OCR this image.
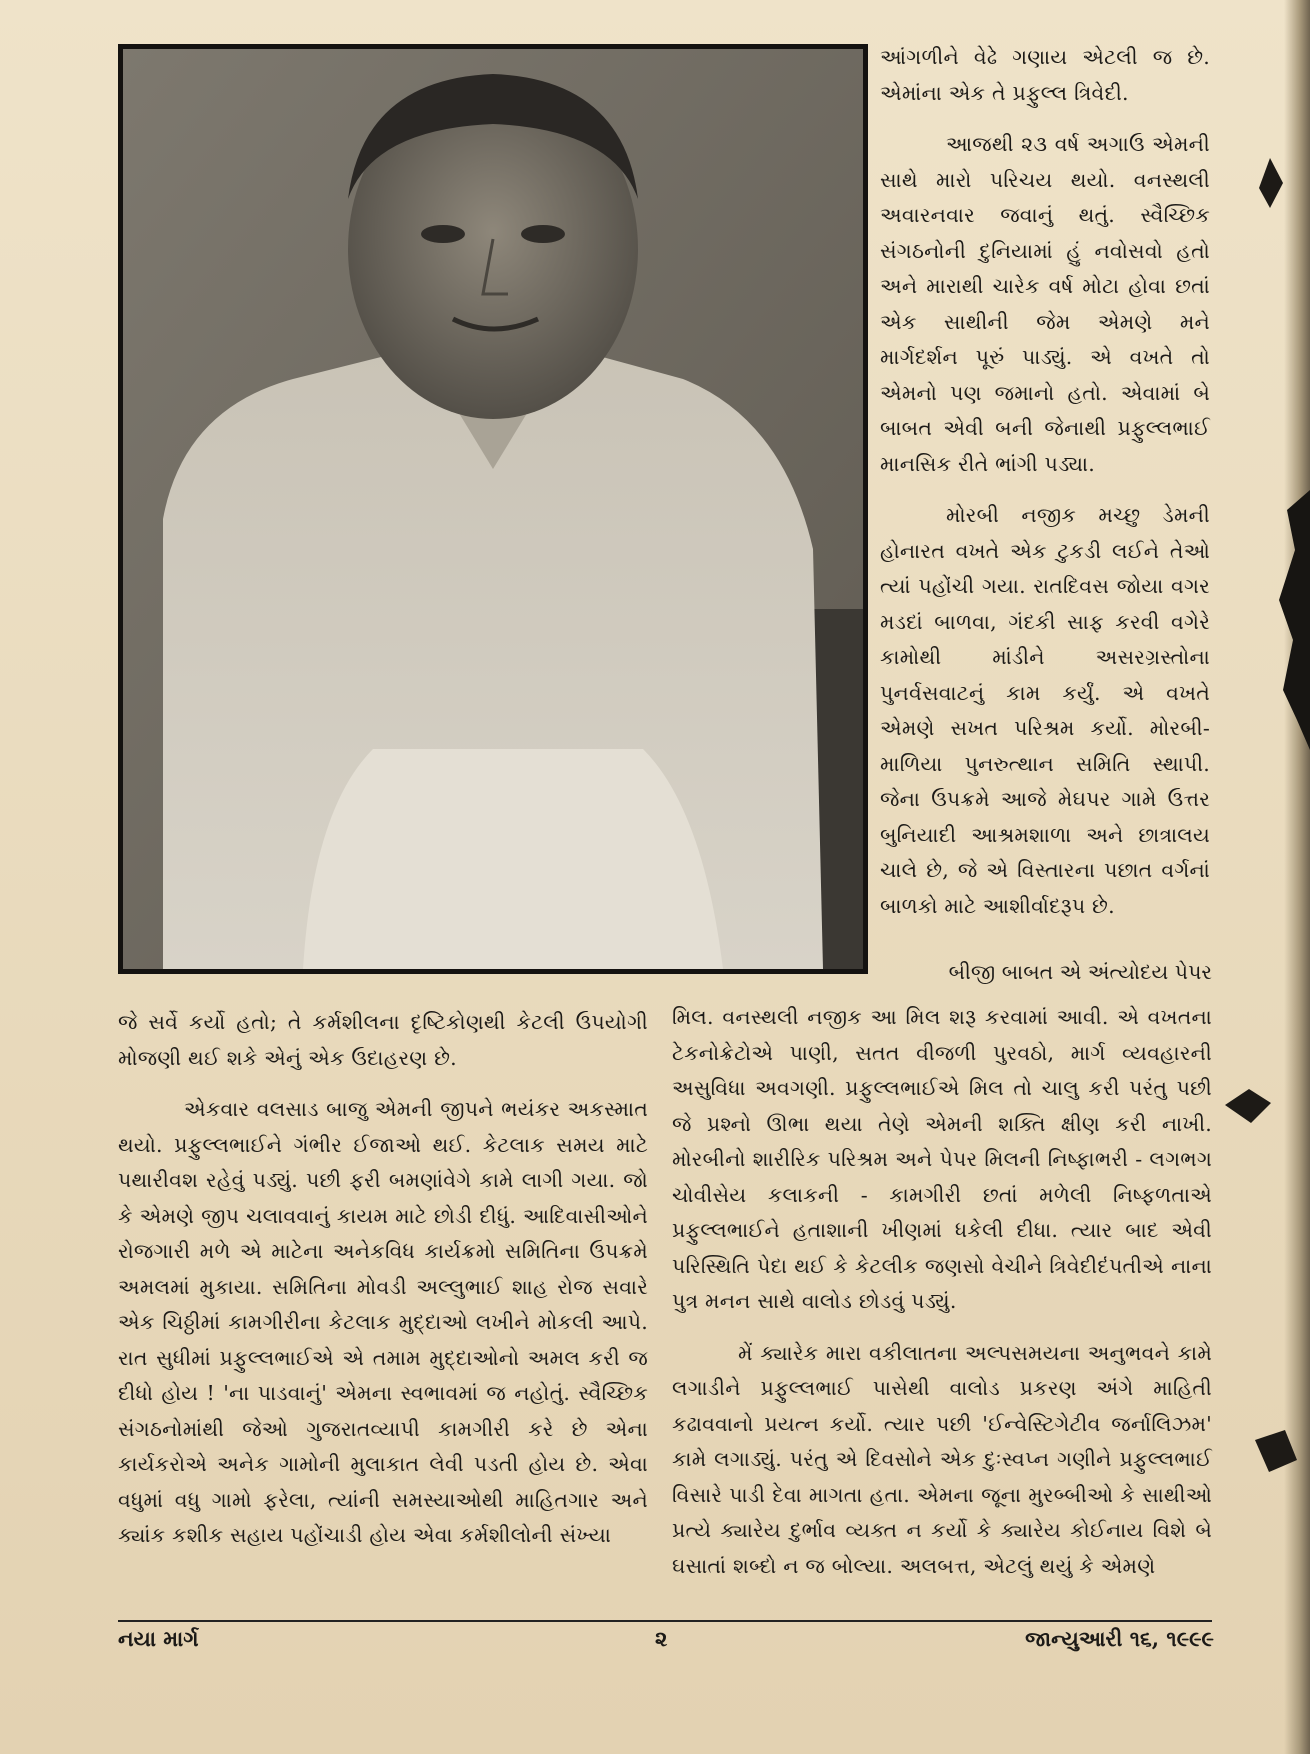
આંગળીને વેઢે ગણાય એટલી જ છે. એમાંના એક તે પ્રફુલ્લ ત્રિવેદી.

આજથી ૨૩ વર્ષ અગાઉ એમની સાથે મારો પરિચય થયો. વનસ્થલી અવારનવાર જવાનું થતું. સ્વૈચ્છિક સંગઠનોની દુનિયામાં હું નવોસવો હતો અને મારાથી ચારેક વર્ષ મોટા હોવા છતાં એક સાથીની જેમ એમણે મને માર્ગદર્શન પૂરું પાડ્યું. એ વખતે તો એમનો પણ જમાનો હતો. એવામાં બે બાબત એવી બની જેનાથી પ્રફુલ્લભાઈ માનસિક રીતે ભાંગી પડ્યા.

મોરબી નજીક મચ્છુ ડેમની હોનારત વખતે એક ટુકડી લઈને તેઓ ત્યાં પહોંચી ગયા. રાતદિવસ જોયા વગર મડદાં બાળવા, ગંદકી સાફ કરવી વગેરે કામોથી માંડીને અસરગ્રસ્તોના પુનર્વસવાટનું કામ કર્યું. એ વખતે એમણે સખત પરિશ્રમ કર્યો. મોરબી-માળિયા પુનરુત્થાન સમિતિ સ્થાપી. જેના ઉપક્રમે આજે મેઘપર ગામે ઉત્તર બુનિયાદી આશ્રમશાળા અને છાત્રાલય ચાલે છે, જે એ વિસ્તારના પછાત વર્ગનાં બાળકો માટે આશીર્વાદરૂપ છે.

બીજી બાબત એ અંત્યોદય પેપર

જે સર્વે કર્યો હતો; તે કર્મશીલના દૃષ્ટિકોણથી કેટલી ઉપયોગી મોજણી થઈ શકે એનું એક ઉદાહરણ છે.

એકવાર વલસાડ બાજુ એમની જીપને ભયંકર અકસ્માત થયો. પ્રફુલ્લભાઈને ગંભીર ઈજાઓ થઈ. કેટલાક સમય માટે પથારીવશ રહેવું પડ્યું. પછી ફરી બમણાંવેગે કામે લાગી ગયા. જો કે એમણે જીપ ચલાવવાનું કાયમ માટે છોડી દીધું. આદિવાસીઓને રોજગારી મળે એ માટેના અનેકવિધ કાર્યક્રમો સમિતિના ઉપક્રમે અમલમાં મુકાયા. સમિતિના મોવડી અલ્લુભાઈ શાહ રોજ સવારે એક ચિઠ્ઠીમાં કામગીરીના કેટલાક મુદ્દાઓ લખીને મોકલી આપે. રાત સુધીમાં પ્રફુલ્લભાઈએ એ તમામ મુદ્દાઓનો અમલ કરી જ દીધો હોય ! 'ના પાડવાનું' એમના સ્વભાવમાં જ નહોતું. સ્વૈચ્છિક સંગઠનોમાંથી જેઓ ગુજરાતવ્યાપી કામગીરી કરે છે એના કાર્યકરોએ અનેક ગામોની મુલાકાત લેવી પડતી હોય છે. એવા વધુમાં વધુ ગામો ફરેલા, ત્યાંની સમસ્યાઓથી માહિતગાર અને ક્યાંક કશીક સહાય પહોંચાડી હોય એવા કર્મશીલોની સંખ્યા

મિલ. વનસ્થલી નજીક આ મિલ શરૂ કરવામાં આવી. એ વખતના ટેકનોક્રેટોએ પાણી, સતત વીજળી પુરવઠો, માર્ગ વ્યવહારની અસુવિધા અવગણી. પ્રફુલ્લભાઈએ મિલ તો ચાલુ કરી પરંતુ પછી જે પ્રશ્નો ઊભા થયા તેણે એમની શક્તિ ક્ષીણ કરી નાખી. મોરબીનો શારીરિક પરિશ્રમ અને પેપર મિલની નિષ્ફાભરી - લગભગ ચોવીસેય કલાકની - કામગીરી છતાં મળેલી નિષ્ફળતાએ પ્રફુલ્લભાઈને હતાશાની ખીણમાં ધકેલી દીધા. ત્યાર બાદ એવી પરિસ્થિતિ પેદા થઈ કે કેટલીક જણસો વેચીને ત્રિવેદીદંપતીએ નાના પુત્ર મનન સાથે વાલોડ છોડવું પડ્યું.

મેં ક્યારેક મારા વકીલાતના અલ્પસમયના અનુભવને કામે લગાડીને પ્રફુલ્લભાઈ પાસેથી વાલોડ પ્રકરણ અંગે માહિતી કઢાવવાનો પ્રયત્ન કર્યો. ત્યાર પછી 'ઈન્વેસ્ટિગેટીવ જર્નાલિઝમ' કામે લગાડ્યું. પરંતુ એ દિવસોને એક દુઃસ્વપ્ન ગણીને પ્રફુલ્લભાઈ વિસારે પાડી દેવા માગતા હતા. એમના જૂના મુરબ્બીઓ કે સાથીઓ પ્રત્યે ક્યારેય દુર્ભાવ વ્યક્ત ન કર્યો કે ક્યારેય કોઈનાય વિશે બે ઘસાતાં શબ્દો ન જ બોલ્યા. અલબત્ત, એટલું થયું કે એમણે

નયા માર્ગ	૨	જાન્યુઆરી ૧૬, ૧૯૯૯
